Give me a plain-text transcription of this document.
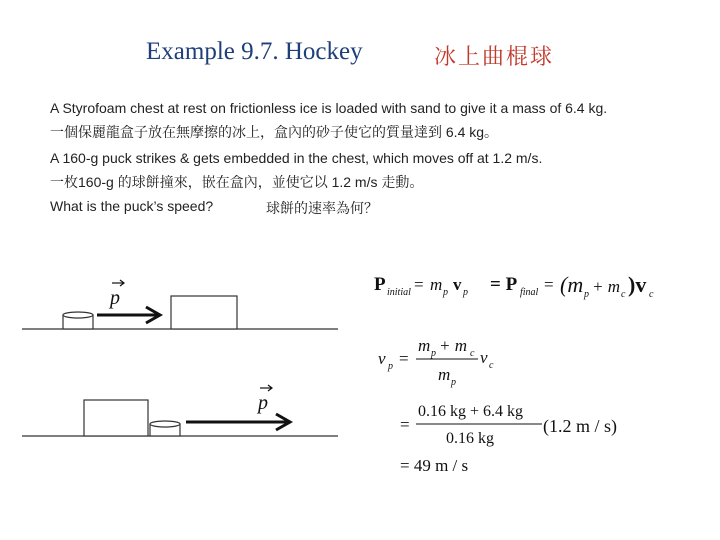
Example 9.7. Hockey	冰上曲棍球
A Styrofoam chest at rest on frictionless ice is loaded with sand to give it a mass of 6.4 kg.
一個保麗龍盒子放在無摩擦的冰上，盒內的砂子使它的質量達到 6.4 kg。
A 160-g puck strikes & gets embedded in the chest, which moves off at 1.2 m/s.
一枚160-g 的球餅撞來，嵌在盒內，並使它以 1.2 m/s 走動。
What is the puck’s speed?	球餅的速率為何？
p
p
P initial = m p v p = P final = (m p + m c )v c
v p =
m p + m c
m p
v c
=
0.16 kg + 6.4 kg
0.16 kg
(1.2 m / s)
= 49 m / s
